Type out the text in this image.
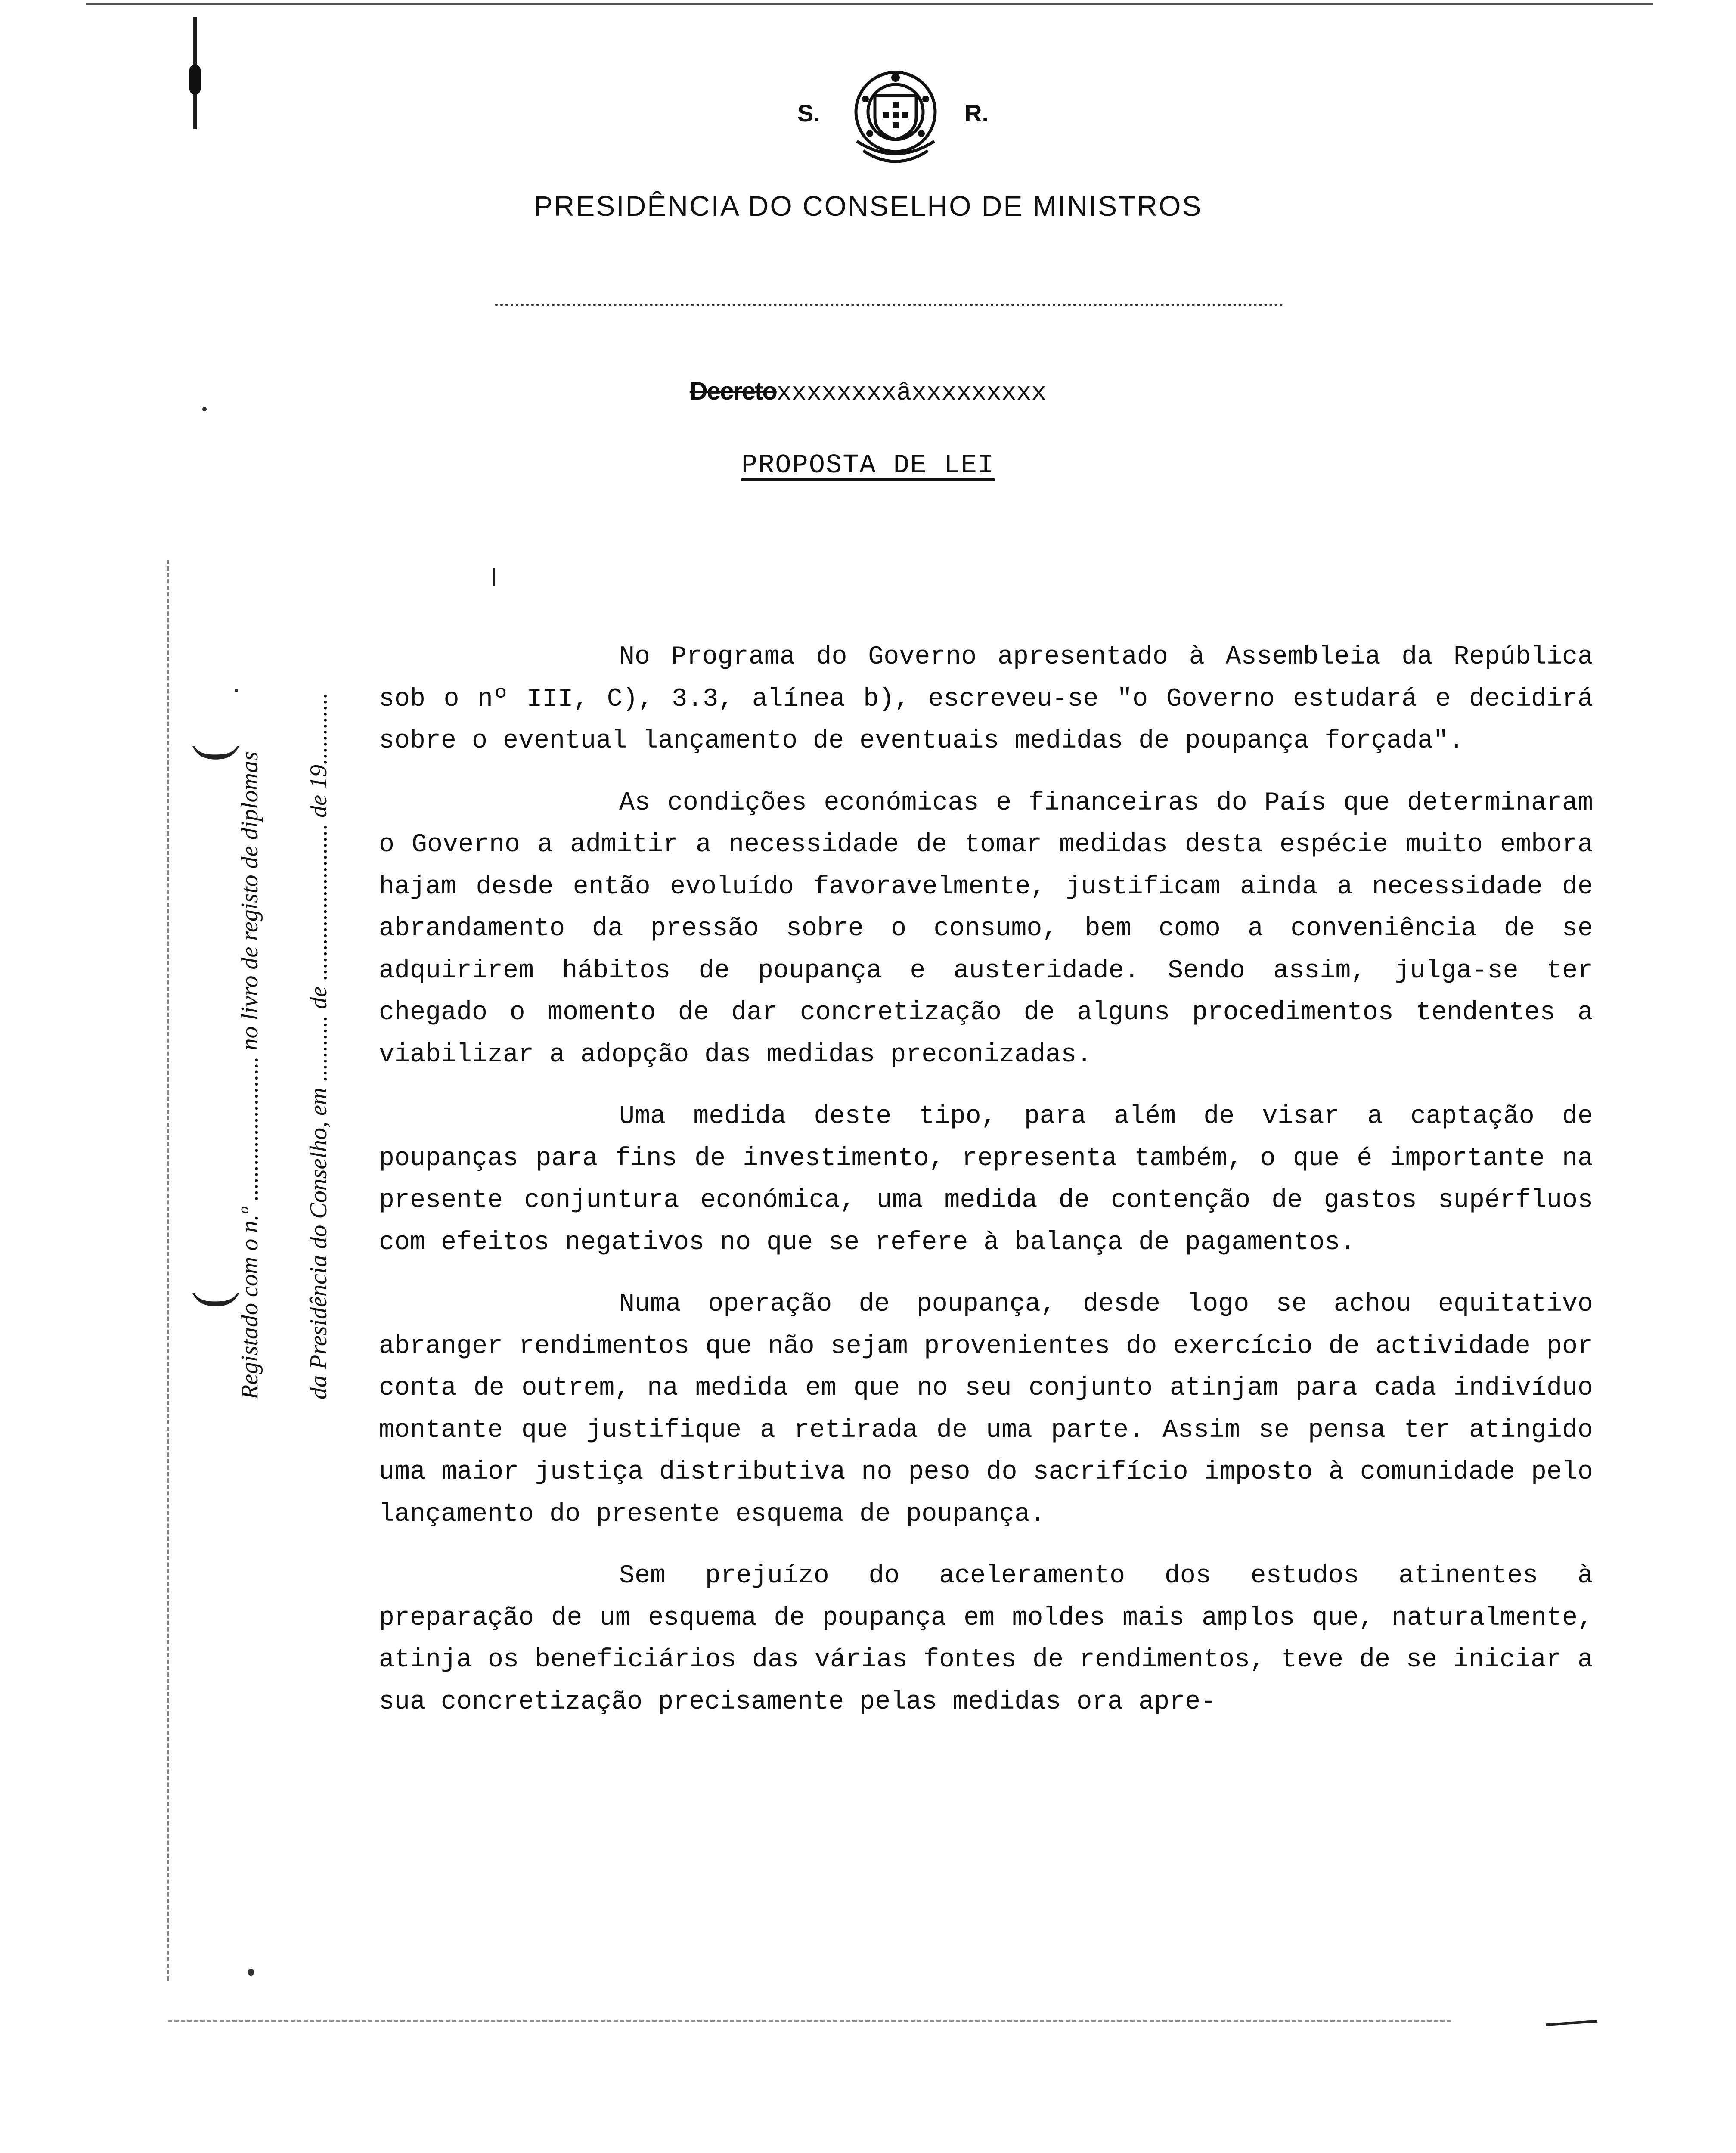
S.	R.
PRESIDÊNCIA DO CONSELHO DE MINISTROS
Decretoxxxxxxxxâxxxxxxxxx
PROPOSTA DE LEI
Registado com o n.º ........................ no livro de registo de diplomas	da Presidência do Conselho, em ........... de .......................... de 19............
(
(

No Programa do Governo apresentado à Assembleia da República sob o nº III, C), 3.3, alínea b), escreveu-se "o Governo estudará e decidirá sobre o eventual lançamento de eventuais medidas de poupança forçada".

As condições económicas e financeiras do País que determinaram o Governo a admitir a necessidade de tomar medidas desta espécie muito embora hajam desde então evoluído favoravelmente, justificam ainda a necessidade de abrandamento da pressão sobre o consumo, bem como a conveniência de se adquirirem hábitos de poupança e austeridade. Sendo assim, julga-se ter chegado o momento de dar concretização de alguns procedimentos tendentes a viabilizar a adopção das medidas preconizadas.

Uma medida deste tipo, para além de visar a captação de poupanças para fins de investimento, representa também, o que é importante na presente conjuntura económica, uma medida de contenção de gastos supérfluos com efeitos negativos no que se refere à balança de pagamentos.

Numa operação de poupança, desde logo se achou equitativo abranger rendimentos que não sejam provenientes do exercício de actividade por conta de outrem, na medida em que no seu conjunto atinjam para cada indivíduo montante que justifique a retirada de uma parte. Assim se pensa ter atingido uma maior justiça distributiva no peso do sacrifício imposto à comunidade pelo lançamento do presente esquema de poupança.

Sem prejuízo do aceleramento dos estudos atinentes à preparação de um esquema de poupança em moldes mais amplos que, naturalmente, atinja os beneficiários das várias fontes de rendimentos, teve de se iniciar a sua concretização precisamente pelas medidas ora apre-
